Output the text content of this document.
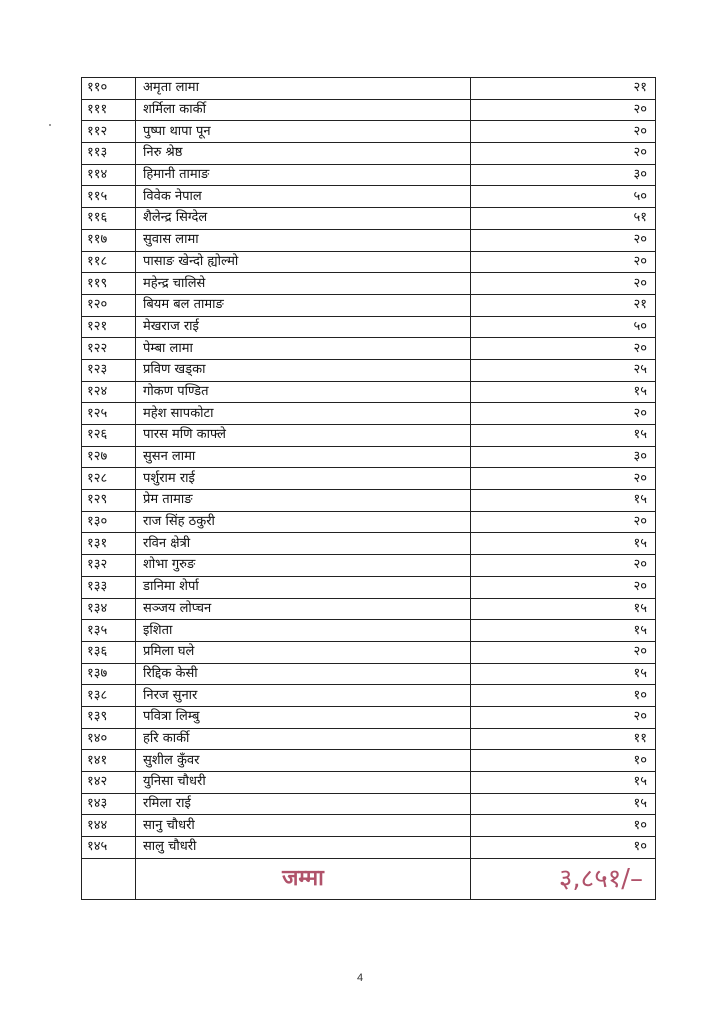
११०	अमृता लामा	२१
१११	शर्मिला कार्की	२०
११२	पुष्पा थापा पून	२०
११३	निरु श्रेष्ठ	२०
११४	हिमानी तामाङ	३०
११५	विवेक नेपाल	५०
११६	शैलेन्द्र सिग्देल	५१
११७	सुवास लामा	२०
११८	पासाङ खेन्दो ह्योल्मो	२०
११९	महेन्द्र चालिसे	२०
१२०	बियम बल तामाङ	२१
१२१	मेखराज राई	५०
१२२	पेम्बा लामा	२०
१२३	प्रविण खड्का	२५
१२४	गोकण पण्डित	१५
१२५	महेश सापकोटा	२०
१२६	पारस मणि काफ्ले	१५
१२७	सुसन लामा	३०
१२८	पर्शुराम राई	२०
१२९	प्रेम तामाङ	१५
१३०	राज सिंह ठकुरी	२०
१३१	रविन क्षेत्री	१५
१३२	शोभा गुरुङ	२०
१३३	डानिमा शेर्पा	२०
१३४	सञ्जय लोप्चन	१५
१३५	इशिता	१५
१३६	प्रमिला घले	२०
१३७	रिद्दिक केसी	१५
१३८	निरज सुनार	१०
१३९	पवित्रा लिम्बु	२०
१४०	हरि कार्की	११
१४१	सुशील कुँवर	१०
१४२	युनिसा चौधरी	१५
१४३	रमिला राई	१५
१४४	सानु चौधरी	१०
१४५	सालु चौधरी	१०
	जम्मा	३,८५१/–
4
